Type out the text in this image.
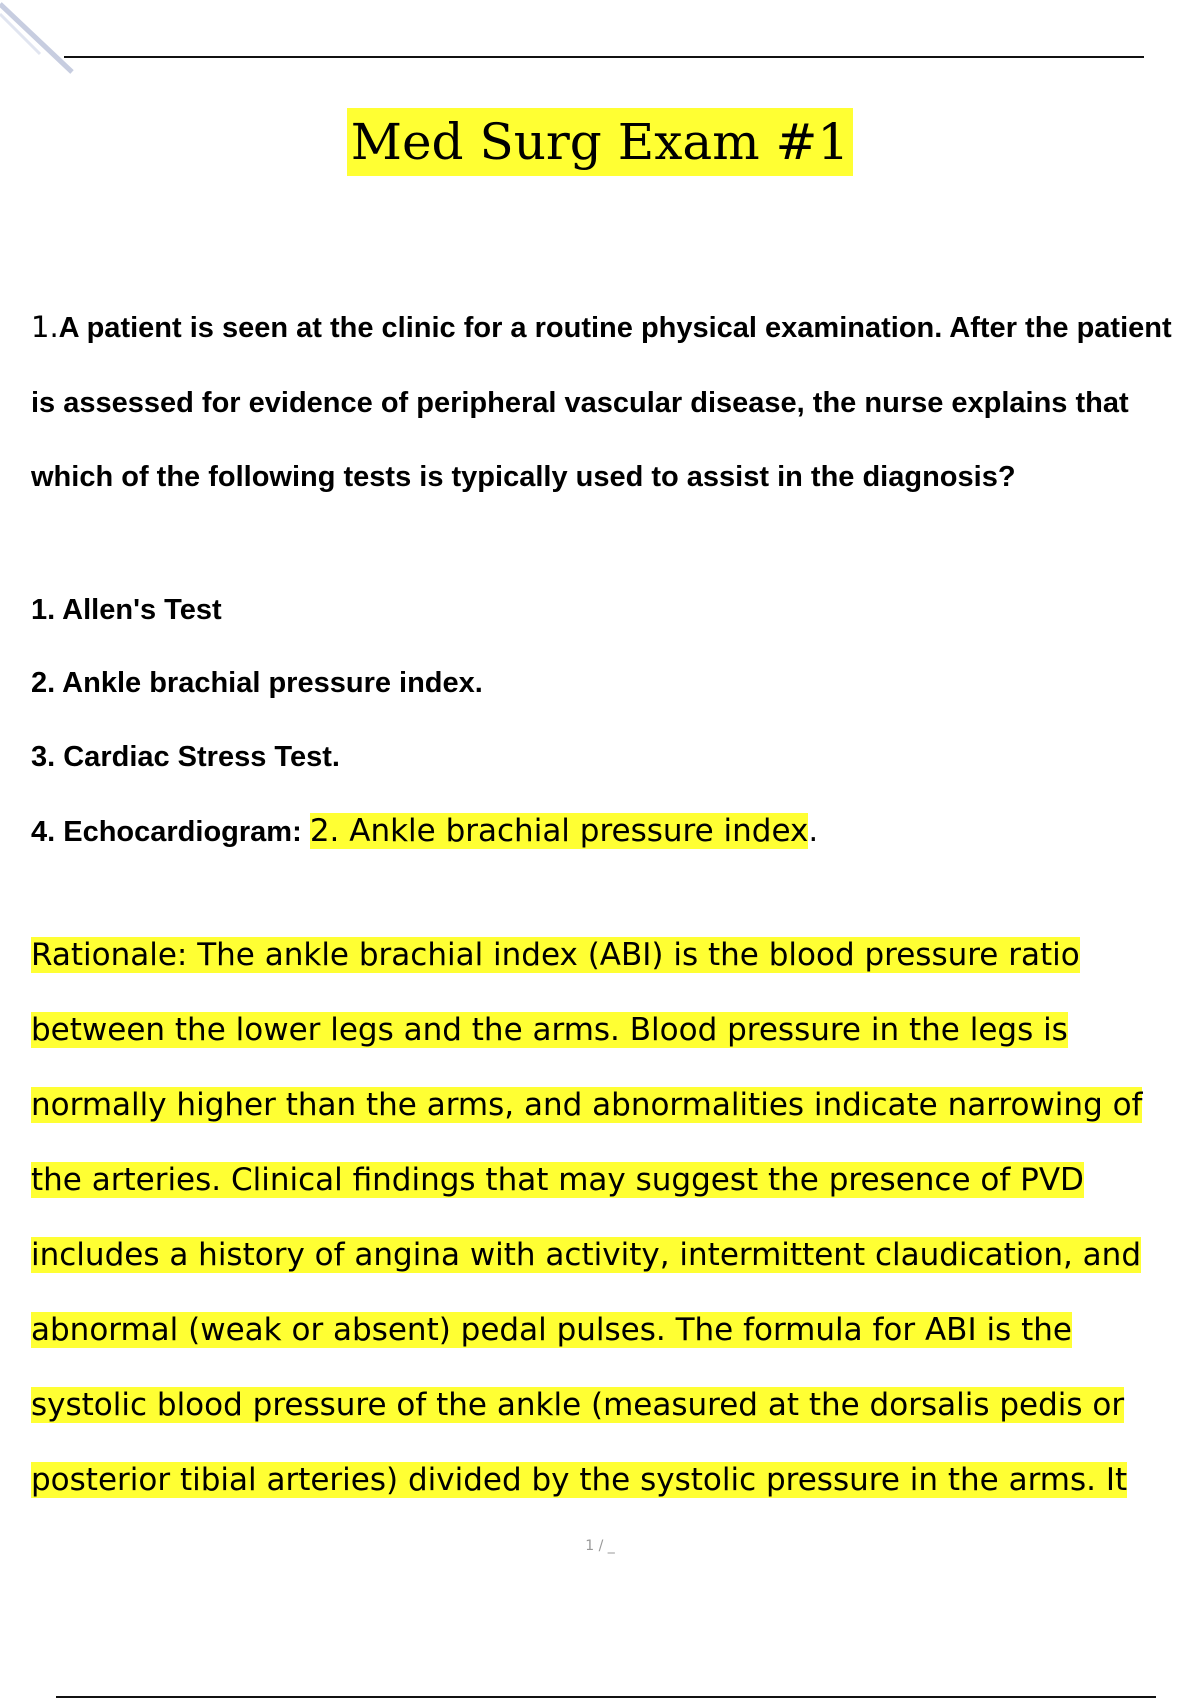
Med Surg Exam #1

1.A patient is seen at the clinic for a routine physical examination. After the patient is assessed for evidence of peripheral vascular disease, the nurse explains that which of the following tests is typically used to assist in the diagnosis?

1. Allen's Test
2. Ankle brachial pressure index.
3. Cardiac Stress Test.
4. Echocardiogram: 2. Ankle brachial pressure index.

Rationale: The ankle brachial index (ABI) is the blood pressure ratio
between the lower legs and the arms. Blood pressure in the legs is
normally higher than the arms, and abnormalities indicate narrowing of
the arteries. Clinical findings that may suggest the presence of PVD
includes a history of angina with activity, intermittent claudication, and
abnormal (weak or absent) pedal pulses. The formula for ABI is the
systolic blood pressure of the ankle (measured at the dorsalis pedis or
posterior tibial arteries) divided by the systolic pressure in the arms. It

1 / _
